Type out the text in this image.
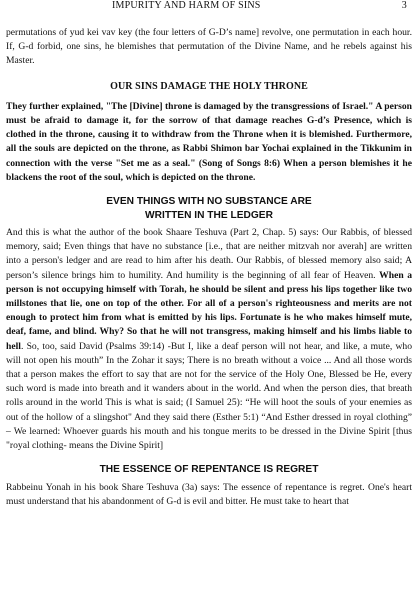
IMPURITY AND HARM OF SINS	3

permutations of yud kei vav key (the four letters of G-D’s name] revolve, one permutation in each hour. If, G-d forbid, one sins, he blemishes that permutation of the Divine Name, and he rebels against his Master.

OUR SINS DAMAGE THE HOLY THRONE

They further explained, "The [Divine] throne is damaged by the transgressions of Israel." A person must be afraid to damage it, for the sorrow of that damage reaches G-d’s Presence, which is clothed in the throne, causing it to withdraw from the Throne when it is blemished. Furthermore, all the souls are depicted on the throne, as Rabbi Shimon bar Yochai explained in the Tikkunim in connection with the verse "Set me as a seal." (Song of Songs 8:6) When a person blemishes it he blackens the root of the soul, which is depicted on the throne.

EVEN THINGS WITH NO SUBSTANCE ARE
WRITTEN IN THE LEDGER

And this is what the author of the book Shaare Teshuva (Part 2, Chap. 5) says: Our Rabbis, of blessed memory, said; Even things that have no substance [i.e., that are neither mitzvah nor averah] are written into a person's ledger and are read to him after his death. Our Rabbis, of blessed memory also said; A person’s silence brings him to humility. And humility is the beginning of all fear of Heaven. When a person is not occupying himself with Torah, he should be silent and press his lips together like two millstones that lie, one on top of the other. For all of a person's righteousness and merits are not enough to protect him from what is emitted by his lips. Fortunate is he who makes himself mute, deaf, fame, and blind. Why? So that he will not transgress, making himself and his limbs liable to hell. So, too, said David (Psalms 39:14) -But I, like a deaf person will not hear, and like, a mute, who will not open his mouth” In the Zohar it says; There is no breath without a voice ... And all those words that a person makes the effort to say that are not for the service of the Holy One, Blessed be He, every such word is made into breath and it wanders about in the world. And when the person dies, that breath rolls around in the world This is what is said; (I Samuel 25): “He will hoot the souls of your enemies as out of the hollow of a slingshot" And they said there (Esther 5:1) “And Esther dressed in royal clothing” – We learned: Whoever guards his mouth and his tongue merits to be dressed in the Divine Spirit [thus "royal clothing- means the Divine Spirit]

THE ESSENCE OF REPENTANCE IS REGRET

Rabbeinu Yonah in his book Share Teshuva (3a) says: The essence of repentance is regret. One's heart must understand that his abandonment of G-d is evil and bitter. He must take to heart that
